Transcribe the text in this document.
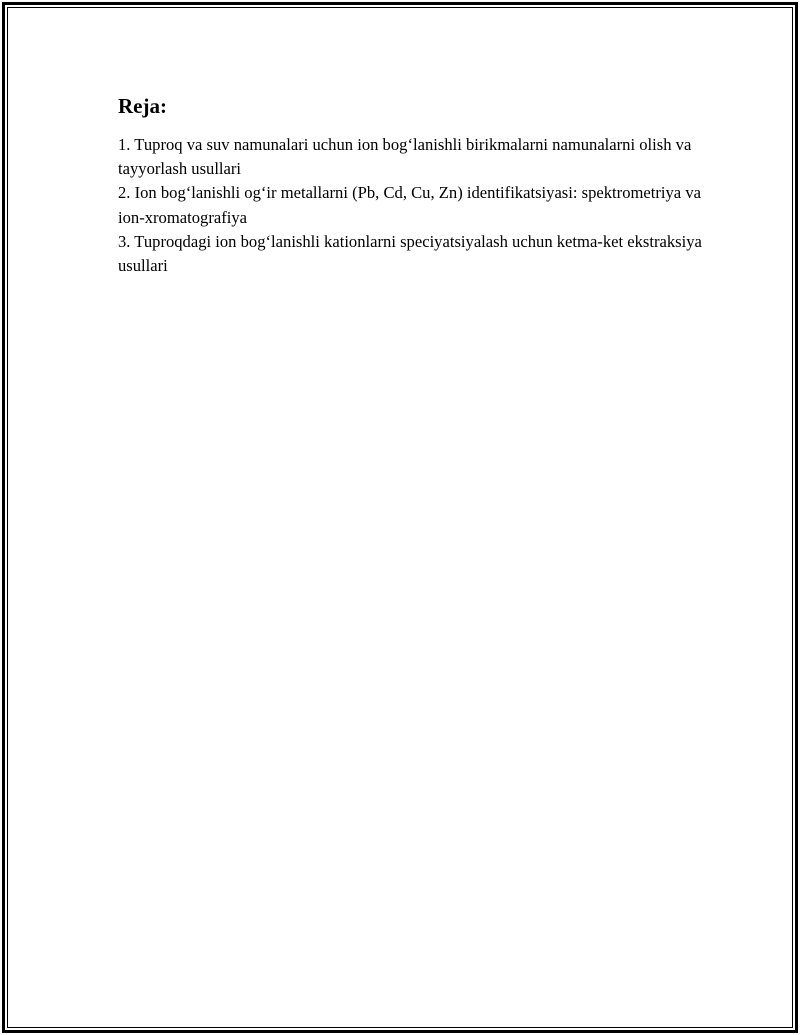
Reja:
1. Tuproq va suv namunalari uchun ion bog‘lanishli birikmalarni namunalarni olish va tayyorlash usullari
2. Ion bog‘lanishli og‘ir metallarni (Pb, Cd, Cu, Zn) identifikatsiyasi: spektrometriya va ion-xromatografiya
3. Tuproqdagi ion bog‘lanishli kationlarni speciyatsiyalash uchun ketma-ket ekstraksiya usullari
